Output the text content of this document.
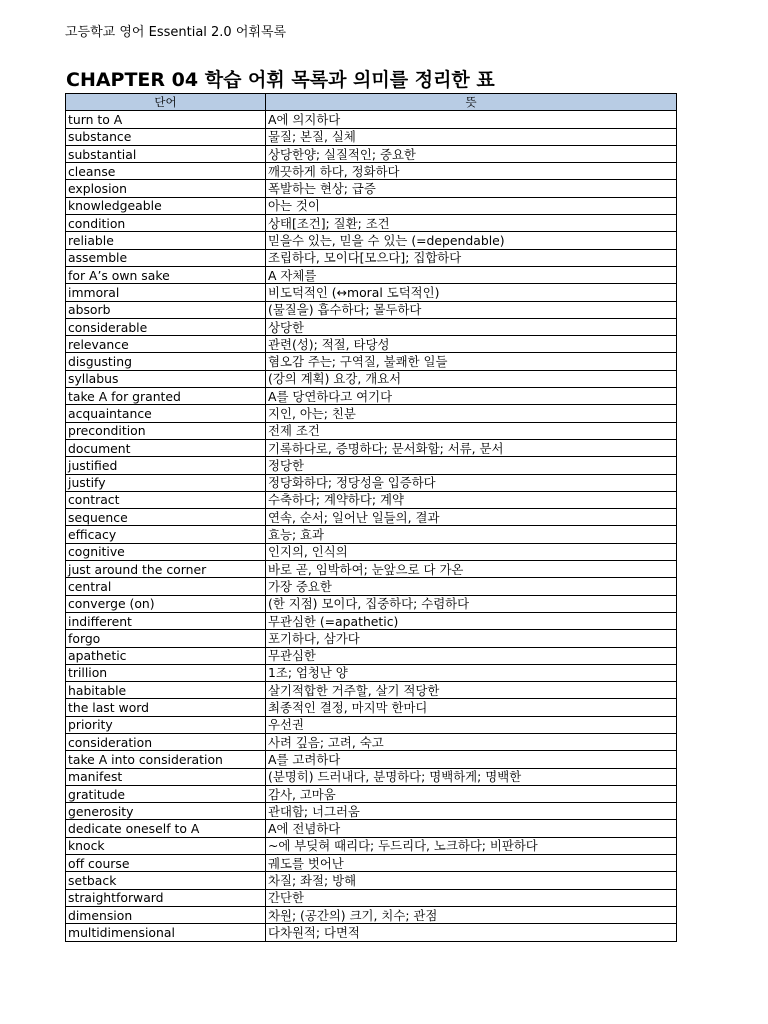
고등학교 영어 Essential 2.0 어휘목록
CHAPTER 04 학습 어휘 목록과 의미를 정리한 표
단어	뜻
turn to A	A에 의지하다
substance	물질; 본질, 실체
substantial	상당한양; 실질적인; 중요한
cleanse	깨끗하게 하다, 정화하다
explosion	폭발하는 현상; 급증
knowledgeable	아는 것이
condition	상태[조건]; 질환; 조건
reliable	믿을수 있는, 믿을 수 있는 (=dependable)
assemble	조립하다, 모이다[모으다]; 집합하다
for A’s own sake	A 자체를
immoral	비도덕적인 (↔moral 도덕적인)
absorb	(물질을) 흡수하다; 몰두하다
considerable	상당한
relevance	관련(성); 적절, 타당성
disgusting	혐오감 주는; 구역질, 불쾌한 일들
syllabus	(강의 계획) 요강, 개요서
take A for granted	A를 당연하다고 여기다
acquaintance	지인, 아는; 친분
precondition	전제 조건
document	기록하다로, 증명하다; 문서화함; 서류, 문서
justified	정당한
justify	정당화하다; 정당성을 입증하다
contract	수축하다; 계약하다; 계약
sequence	연속, 순서; 일어난 일들의, 결과
efficacy	효능; 효과
cognitive	인지의, 인식의
just around the corner	바로 곧, 임박하여; 눈앞으로 다 가온
central	가장 중요한
converge (on)	(한 지점) 모이다, 집중하다; 수렴하다
indifferent	무관심한 (=apathetic)
forgo	포기하다, 삼가다
apathetic	무관심한
trillion	1조; 엄청난 양
habitable	살기적합한 거주할, 살기 적당한
the last word	최종적인 결정, 마지막 한마디
priority	우선권
consideration	사려 깊음; 고려, 숙고
take A into consideration	A를 고려하다
manifest	(분명히) 드러내다, 분명하다; 명백하게; 명백한
gratitude	감사, 고마움
generosity	관대함; 너그러움
dedicate oneself to A	A에 전념하다
knock	~에 부딪혀 때리다; 두드리다, 노크하다; 비판하다
off course	궤도를 벗어난
setback	차질; 좌절; 방해
straightforward	간단한
dimension	차원; (공간의) 크기, 치수; 관점
multidimensional	다차원적; 다면적
